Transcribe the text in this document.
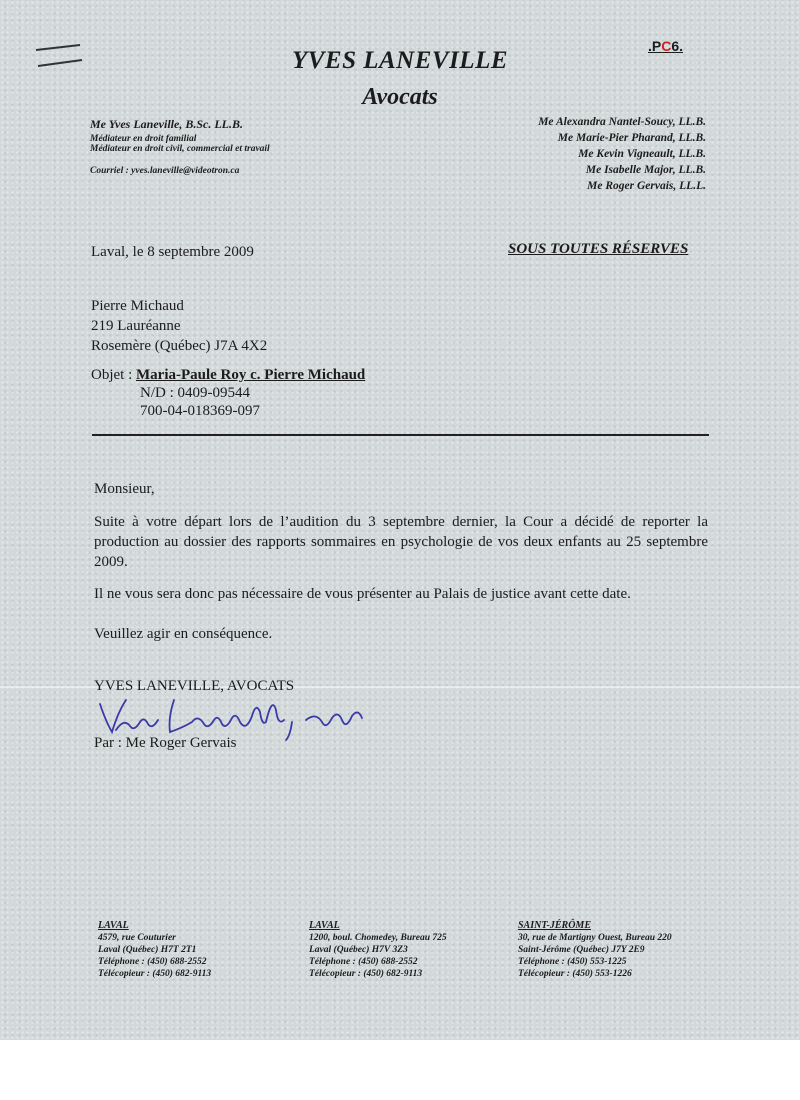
YVES LANEVILLE
Avocats
.PC6.
Me Yves Laneville, B.Sc. LL.B.
Médiateur en droit familial
Médiateur en droit civil, commercial et travail
Courriel : yves.laneville@videotron.ca
Me Alexandra Nantel-Soucy, LL.B.
Me Marie-Pier Pharand, LL.B.
Me Kevin Vigneault, LL.B.
Me Isabelle Major, LL.B.
Me Roger Gervais, LL.L.
Laval, le 8 septembre 2009	SOUS TOUTES RÉSERVES
Pierre Michaud
219 Lauréanne
Rosemère (Québec) J7A 4X2
Objet : Maria-Paule Roy c. Pierre Michaud
N/D : 0409-09544
700-04-018369-097
Monsieur,
Suite à votre départ lors de l’audition du 3 septembre dernier, la Cour a décidé de reporter la production au dossier des rapports sommaires en psychologie de vos deux enfants au 25 septembre 2009.
Il ne vous sera donc pas nécessaire de vous présenter au Palais de justice avant cette date.
Veuillez agir en conséquence.
YVES LANEVILLE, AVOCATS
Par : Me Roger Gervais
LAVAL
4579, rue Couturier
Laval (Québec) H7T 2T1
Téléphone : (450) 688-2552
Télécopieur : (450) 682-9113
LAVAL
1200, boul. Chomedey, Bureau 725
Laval (Québec) H7V 3Z3
Téléphone : (450) 688-2552
Télécopieur : (450) 682-9113
SAINT-JÉRÔME
30, rue de Martigny Ouest, Bureau 220
Saint-Jérôme (Québec) J7Y 2E9
Téléphone : (450) 553-1225
Télécopieur : (450) 553-1226
